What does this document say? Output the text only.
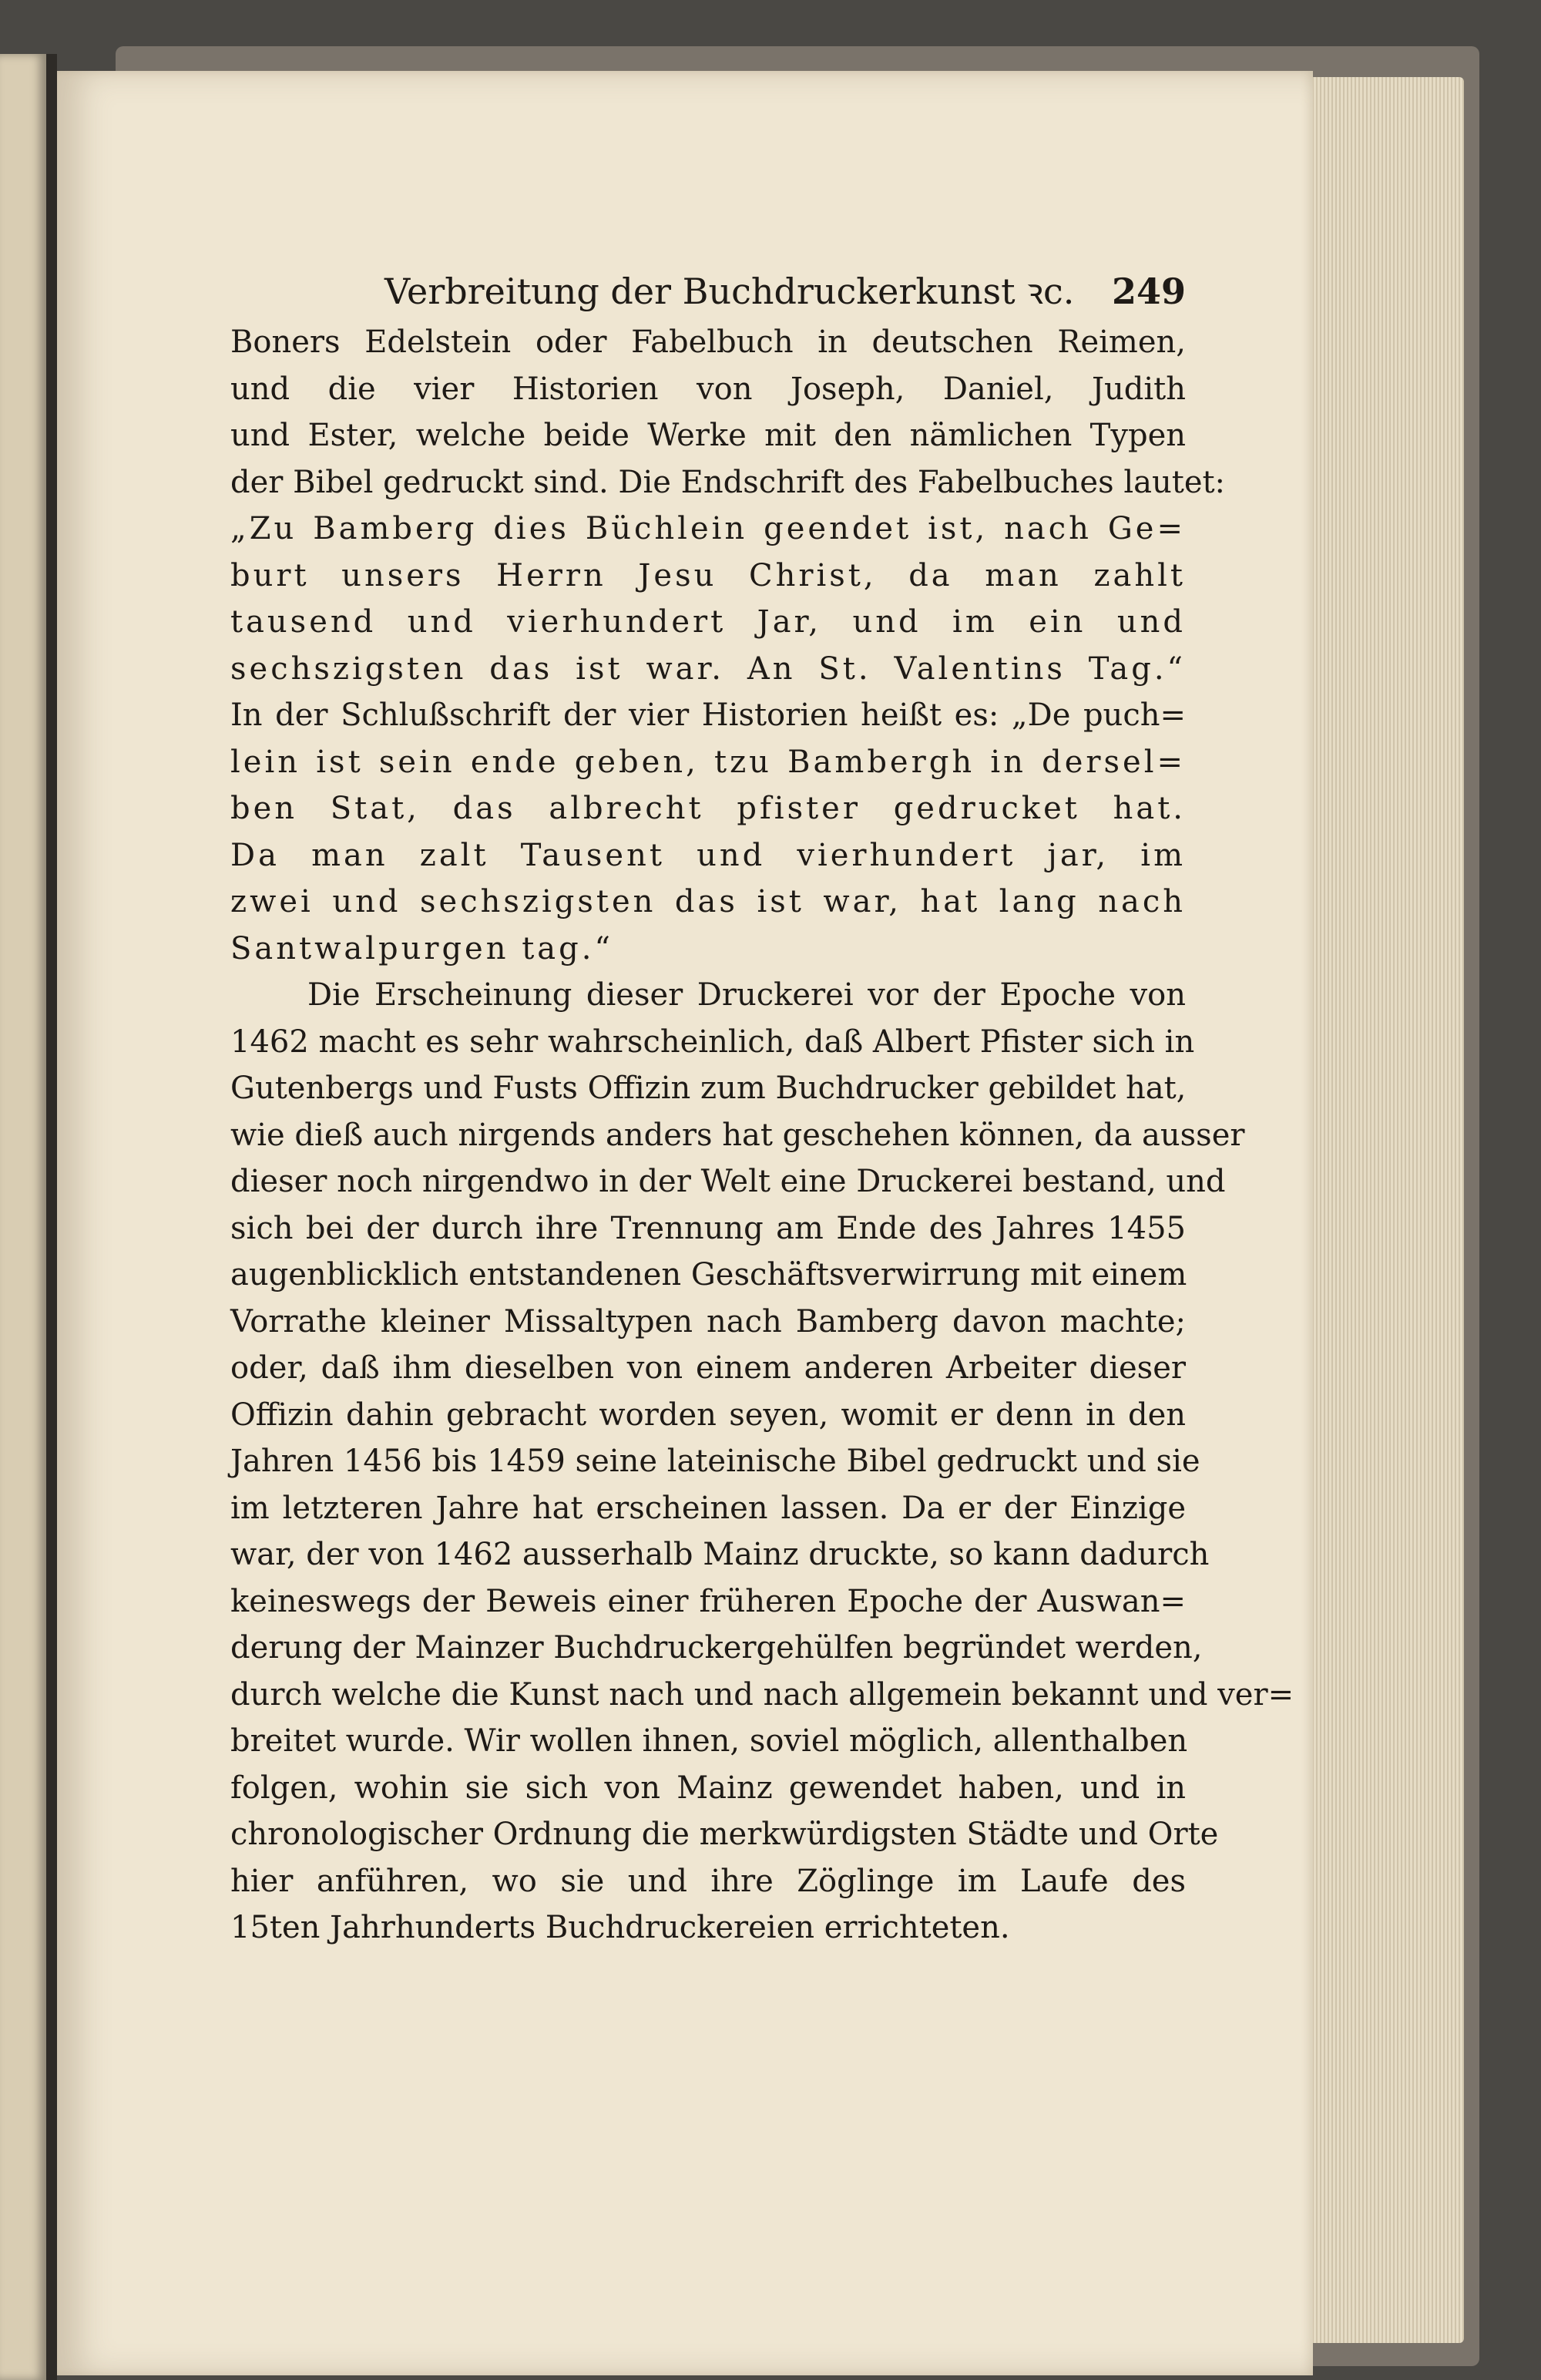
Verbreitung der Buchdruckerkunst ꝛc. 249
Boners Edelstein oder Fabelbuch in deutschen Reimen,
und die vier Historien von Joseph, Daniel, Judith
und Ester, welche beide Werke mit den nämlichen Typen
der Bibel gedruckt sind. Die Endschrift des Fabelbuches lautet:
„Zu Bamberg dies Büchlein geendet ist, nach Ge=
burt unsers Herrn Jesu Christ, da man zahlt
tausend und vierhundert Jar, und im ein und
sechszigsten das ist war. An St. Valentins Tag.“
In der Schlußschrift der vier Historien heißt es: „De puch=
lein ist sein ende geben, tzu Bambergh in dersel=
ben Stat, das albrecht pfister gedrucket hat.
Da man zalt Tausent und vierhundert jar, im
zwei und sechszigsten das ist war, hat lang nach
Santwalpurgen tag.“
Die Erscheinung dieser Druckerei vor der Epoche von
1462 macht es sehr wahrscheinlich, daß Albert Pfister sich in
Gutenbergs und Fusts Offizin zum Buchdrucker gebildet hat,
wie dieß auch nirgends anders hat geschehen können, da ausser
dieser noch nirgendwo in der Welt eine Druckerei bestand, und
sich bei der durch ihre Trennung am Ende des Jahres 1455
augenblicklich entstandenen Geschäftsverwirrung mit einem
Vorrathe kleiner Missaltypen nach Bamberg davon machte;
oder, daß ihm dieselben von einem anderen Arbeiter dieser
Offizin dahin gebracht worden seyen, womit er denn in den
Jahren 1456 bis 1459 seine lateinische Bibel gedruckt und sie
im letzteren Jahre hat erscheinen lassen. Da er der Einzige
war, der von 1462 ausserhalb Mainz druckte, so kann dadurch
keineswegs der Beweis einer früheren Epoche der Auswan=
derung der Mainzer Buchdruckergehülfen begründet werden,
durch welche die Kunst nach und nach allgemein bekannt und ver=
breitet wurde. Wir wollen ihnen, soviel möglich, allenthalben
folgen, wohin sie sich von Mainz gewendet haben, und in
chronologischer Ordnung die merkwürdigsten Städte und Orte
hier anführen, wo sie und ihre Zöglinge im Laufe des
15ten Jahrhunderts Buchdruckereien errichteten.
